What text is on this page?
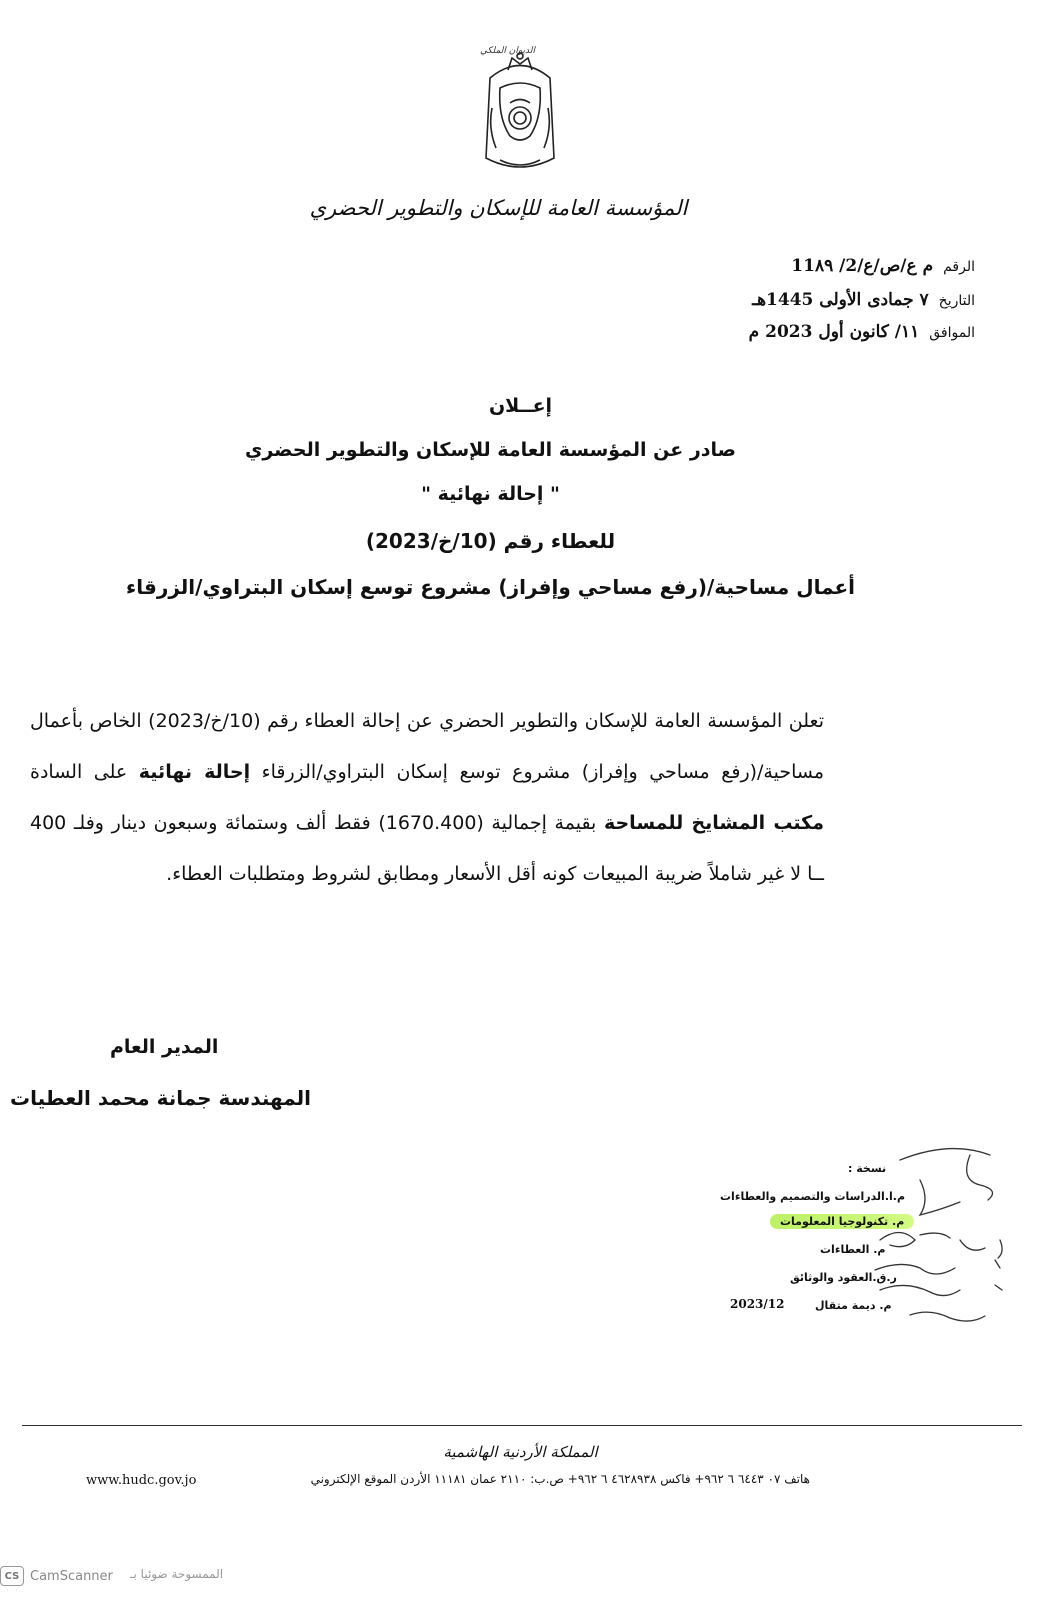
الديوان الملكي
المؤسسة العامة للإسكان والتطوير الحضري
الرقم
م ع/ص/ع/2/ 11٨٩
التاريخ
٧ جمادى الأولى 1445هـ
الموافق
١١/ كانون أول 2023 م
إعــلان
صادر عن المؤسسة العامة للإسكان والتطوير الحضري
" إحالة نهائية "
للعطاء رقم (10/خ/2023)
أعمال مساحية/(رفع مساحي وإفراز) مشروع توسع إسكان البتراوي/الزرقاء
تعلن المؤسسة العامة للإسكان والتطوير الحضري عن إحالة العطاء رقم (10/خ/2023) الخاص بأعمال مساحية/(رفع مساحي وإفراز) مشروع توسع إسكان البتراوي/الزرقاء إحالة نهائية على السادة مكتب المشايخ للمساحة بقيمة إجمالية (1670.400) فقط ألف وستمائة وسبعون دينار وفلـ 400 ــا لا غير شاملاً ضريبة المبيعات كونه أقل الأسعار ومطابق لشروط ومتطلبات العطاء.
المدير العام
المهندسة جمانة محمد العطيات
نسخة :
م.ا.الدراسات والتصميم والعطاءات
م. تكنولوجيا المعلومات
م. العطاءات
ر.ق.العقود والوثائق
م. ديمة متقال
2023/12
المملكة الأردنية الهاشمية
هاتف ٠٧ ٦٤٤٣ ٦ ٩٦٢+ فاكس ٤٦٢٨٩٣٨ ٦ ٩٦٢+ ص.ب: ٢١١٠ عمان ١١١٨١ الأردن الموقع الإلكتروني
www.hudc.gov.jo
CS CamScanner الممسوحة ضوئيا بـ
